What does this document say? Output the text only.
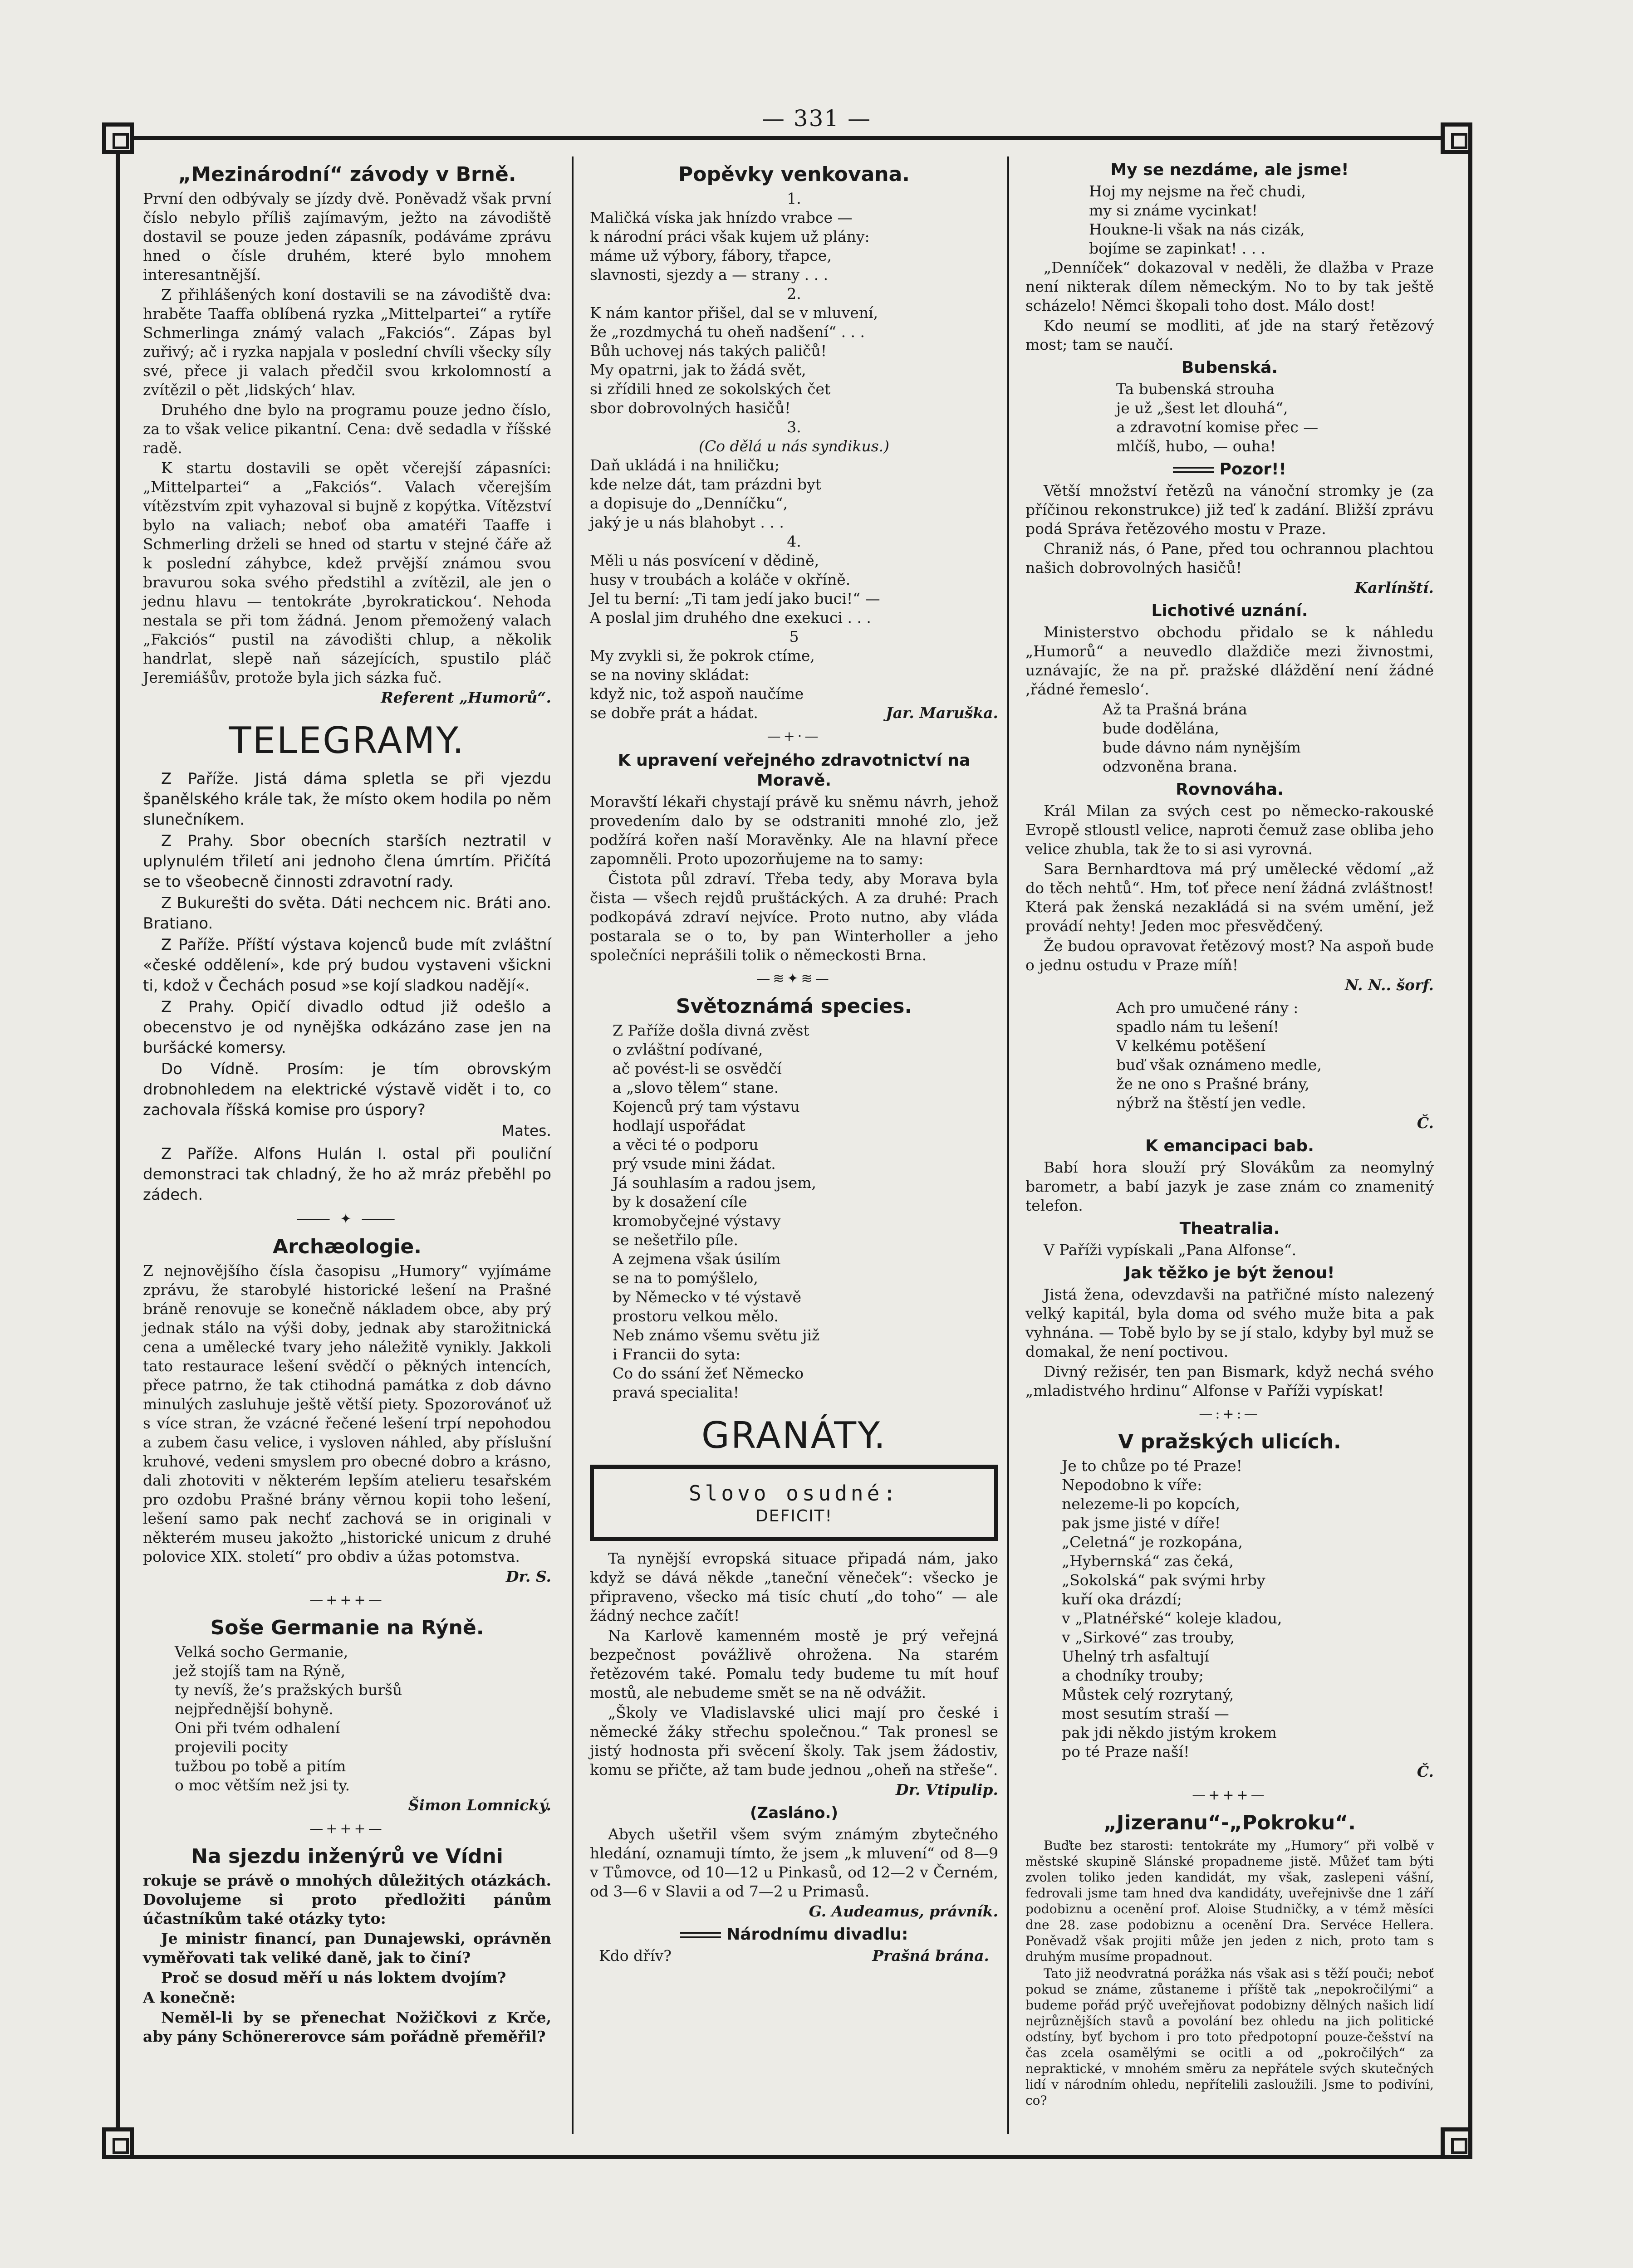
— 331 —
„Mezinárodní“ závody v Brně.

První den odbývaly se jízdy dvě. Poněvadž však první číslo nebylo příliš zajímavým, ježto na závodiště dostavil se pouze jeden zápasník, podáváme zprávu hned o čísle druhém, které bylo mnohem interesantnější.

Z přihlášených koní dostavili se na závodiště dva: hraběte Taaffa oblíbená ryzka „Mittelpartei“ a rytíře Schmerlinga známý valach „Fakciós“. Zápas byl zuřivý; ač i ryzka napjala v poslední chvíli všecky síly své, přece ji valach předčil svou krkolomností a zvítězil o pět ‚lidských‘ hlav.

Druhého dne bylo na programu pouze jedno číslo, za to však velice pikantní. Cena: dvě sedadla v říšské radě.

K startu dostavili se opět včerejší zápasníci: „Mittelpartei“ a „Fakciós“. Valach včerejším vítězstvím zpit vyhazoval si bujně z kopýtka. Vítězství bylo na valiach; neboť oba amatéři Taaffe i Schmerling drželi se hned od startu v stejné čáře až k poslední záhybce, kdež prvější známou svou bravurou soka svého předstihl a zvítězil, ale jen o jednu hlavu — tentokráte ‚byrokratickou‘. Nehoda nestala se při tom žádná. Jenom přemožený valach „Fakciós“ pustil na závodišti chlup, a několik handrlat, slepě naň sázejících, spustilo pláč Jeremiášův, protože byla jich sázka fuč.

Referent „Humorů“.
TELEGRAMY.

Z Paříže. Jistá dáma spletla se při vjezdu španělského krále tak, že místo okem hodila po něm slunečníkem.

Z Prahy. Sbor obecních starších neztratil v uplynulém třiletí ani jednoho člena úmrtím. Přičítá se to všeobecně činnosti zdravotní rady.

Z Bukurešti do světa. Dáti nechcem nic. Bráti ano. Bratiano.

Z Paříže. Příští výstava kojenců bude mít zvláštní «české oddělení», kde prý budou vystaveni všickni ti, kdož v Čechách posud »se kojí sladkou nadějí«.

Z Prahy. Opičí divadlo odtud již odešlo a obecenstvo je od nynějška odkázáno zase jen na buršácké komersy.

Do Vídně. Prosím: je tím obrovským drobnohledem na elektrické výstavě vidět i to, co zachovala říšská komise pro úspory?

Mates.

Z Paříže. Alfons Hulán I. ostal při pouliční demonstraci tak chladný, že ho až mráz přeběhl po zádech.

⸻ ✦ ⸻
Archæologie.

Z nejnovějšího čísla časopisu „Humory“ vyjímáme zprávu, že starobylé historické lešení na Prašné bráně renovuje se konečně nákladem obce, aby prý jednak stálo na výši doby, jednak aby starožitnická cena a umělecké tvary jeho náležitě vynikly. Jakkoli tato restaurace lešení svědčí o pěkných intencích, přece patrno, že tak ctihodná památka z dob dávno minulých zasluhuje ještě větší piety. Spozorovánoť už s více stran, že vzácné řečené lešení trpí nepohodou a zubem času velice, i vysloven náhled, aby příslušní kruhové, vedeni smyslem pro obecné dobro a krásno, dali zhotoviti v některém lepším atelieru tesařském pro ozdobu Prašné brány věrnou kopii toho lešení, lešení samo pak nechť zachová se in originali v některém museu jakožto „historické unicum z druhé polovice XIX. století“ pro obdiv a úžas potomstva.

Dr. S.
—+++—
Soše Germanie na Rýně.
Velká socho Germanie,
jež stojíš tam na Rýně,
ty nevíš, že’s pražských buršů
nejpřednější bohyně.
Oni při tvém odhalení
projevili pocity
tužbou po tobě a pitím
o moc větším než jsi ty.
Šimon Lomnický.
—+++—
Na sjezdu inženýrů ve Vídni

rokuje se právě o mnohých důležitých otázkách. Dovolujeme si proto předložiti pánům účastníkům také otázky tyto:

Je ministr financí, pan Dunajewski, oprávněn vyměřovati tak veliké daně, jak to činí?

Proč se dosud měří u nás loktem dvojím?

A konečně:

Neměl-li by se přenechat Nožičkovi z Krče, aby pány Schönererovce sám pořádně přeměřil?

Popěvky venkovana.
1.
Maličká víska jak hnízdo vrabce —
k národní práci však kujem už plány:
máme už výbory, fábory, třapce,
slavnosti, sjezdy a — strany . . .
2.
K nám kantor přišel, dal se v mluvení,
že „rozdmychá tu oheň nadšení“ . . .
Bůh uchovej nás takých paličů!
My opatrni, jak to žádá svět,
si zřídili hned ze sokolských čet
sbor dobrovolných hasičů!
3.
(Co dělá u nás syndikus.)
Daň ukládá i na hniličku;
kde nelze dát, tam prázdni byt
a dopisuje do „Denníčku“,
jaký je u nás blahobyt . . .
4.
Měli u nás posvícení v dědině,
husy v troubách a koláče v okříně.
Jel tu berní: „Ti tam jedí jako buci!“ —
A poslal jim druhého dne exekuci . . .
5
My zvykli si, že pokrok ctíme,
se na noviny skládat:
když nic, tož aspoň naučíme
se dobře prát a hádat.	Jar. Maruška.
—+·—
K upravení veřejného zdravotnictví na Moravě.

Moravští lékaři chystají právě ku sněmu návrh, jehož provedením dalo by se odstraniti mnohé zlo, jež podžírá kořen naší Moravěnky. Ale na hlavní přece zapomněli. Proto upozorňujeme na to samy:

Čistota půl zdraví. Třeba tedy, aby Morava byla čista — všech rejdů pruštáckých. A za druhé: Prach podkopává zdraví nejvíce. Proto nutno, aby vláda postarala se o to, by pan Winterholler a jeho společníci neprášili tolik o německosti Brna.

—≋✦≋—
Světoznámá species.
Z Paříže došla divná zvěst
o zvláštní podívané,
ač povést-li se osvědčí
a „slovo tělem“ stane.
Kojenců prý tam výstavu
hodlají uspořádat
a věci té o podporu
prý vsude mini žádat.
Já souhlasím a radou jsem,
by k dosažení cíle
kromobyčejné výstavy
se nešetřilo píle.
A zejmena však úsilím
se na to pomýšlelo,
by Německo v té výstavě
prostoru velkou mělo.
Neb známo všemu světu již
i Francii do syta:
Co do ssání žeť Německo
pravá specialita!
GRANÁTY.
Slovo osudné:
DEFICIT!

Ta nynější evropská situace připadá nám, jako když se dává někde „taneční věneček“: všecko je připraveno, všecko má tisíc chutí „do toho“ — ale žádný nechce začít!

Na Karlově kamenném mostě je prý veřejná bezpečnost povážlivě ohrožena. Na starém řetězovém také. Pomalu tedy budeme tu mít houf mostů, ale nebudeme smět se na ně odvážit.

„Školy ve Vladislavské ulici mají pro české i německé žáky střechu společnou.“ Tak pronesl se jistý hodnosta při svěcení školy. Tak jsem žádostiv, komu se přičte, až tam bude jednou „oheň na střeše“.

Dr. Vtipulip.
(Zasláno.)

Abych ušetřil všem svým známým zbytečného hledání, oznamuji tímto, že jsem „k mluvení“ od 8—9 v Tůmovce, od 10—12 u Pinkasů, od 12—2 v Černém, od 3—6 v Slavii a od 7—2 u Primasů.

G. Audeamus, právník.
Národnímu divadlu:
Kdo dřív?	Prašná brána.
My se nezdáme, ale jsme!
Hoj my nejsme na řeč chudi,
my si známe vycinkat!
Houkne-li však na nás cizák,
bojíme se zapinkat! . . .

„Denníček“ dokazoval v neděli, že dlažba v Praze není nikterak dílem německým. No to by tak ještě scházelo! Němci škopali toho dost. Málo dost!

Kdo neumí se modliti, ať jde na starý řetězový most; tam se naučí.

Bubenská.
Ta bubenská strouha
je už „šest let dlouhá“,
a zdravotní komise přec —
mlčíš, hubo, — ouha!
Pozor!!

Větší množství řetězů na vánoční stromky je (za příčinou rekonstrukce) již teď k zadání. Bližší zprávu podá Správa řetězového mostu v Praze.

Chraniž nás, ó Pane, před tou ochrannou plachtou našich dobrovolných hasičů!

Karlínští.
Lichotivé uznání.

Ministerstvo obchodu přidalo se k náhledu „Humorů“ a neuvedlo dlaždiče mezi živnostmi, uznávajíc, že na př. pražské dláždění není žádné ‚řádné řemeslo‘.

Až ta Prašná brána
bude dodělána,
bude dávno nám nynějším
odzvoněna brana.
Rovnováha.

Král Milan za svých cest po německo-rakouské Evropě stloustl velice, naproti čemuž zase obliba jeho velice zhubla, tak že to si asi vyrovná.

Sara Bernhardtova má prý umělecké vědomí „až do těch nehtů“. Hm, toť přece není žádná zvláštnost! Která pak ženská nezakládá si na svém umění, jež provádí nehty! Jeden moc přesvědčený.

Že budou opravovat řetězový most? Na aspoň bude o jednu ostudu v Praze míň!

N. N.. šorf.
Ach pro umučené rány :
spadlo nám tu lešení!
V kelkému potěšení
buď však oznámeno medle,
že ne ono s Prašné brány,
nýbrž na štěstí jen vedle.
Č.
K emancipaci bab.

Babí hora slouží prý Slovákům za neomylný barometr, a babí jazyk je zase znám co znamenitý telefon.

Theatralia.

V Paříži vypískali „Pana Alfonse“.

Jak těžko je být ženou!

Jistá žena, odevzdavši na patřičné místo nalezený velký kapitál, byla doma od svého muže bita a pak vyhnána. — Tobě bylo by se jí stalo, kdyby byl muž se domakal, že není poctivou.

Divný režisér, ten pan Bismark, když nechá svého „mladistvého hrdinu“ Alfonse v Paříži vypískat!

—:+:—
V pražských ulicích.
Je to chůze po té Praze!
Nepodobno k víře:
nelezeme-li po kopcích,
pak jsme jisté v díře!
„Celetná“ je rozkopána,
„Hybernská“ zas čeká,
„Sokolská“ pak svými hrby
kuří oka drázdí;
v „Platnéřské“ koleje kladou,
v „Sirkové“ zas trouby,
Uhelný trh asfaltují
a chodníky trouby;
Můstek celý rozrytaný,
most sesutím straší —
pak jdi někdo jistým krokem
po té Praze naší!
Č.
—+++—
„Jizeranu“-„Pokroku“.

Buďte bez starosti: tentokráte my „Humory“ při volbě v městské skupině Slánské propadneme jistě. Můžeť tam býti zvolen toliko jeden kandidát, my však, zaslepeni vášní, fedrovali jsme tam hned dva kandidáty, uveřejnivše dne 1 září podobiznu a ocenění prof. Aloise Studničky, a v témž měsíci dne 28. zase podobiznu a ocenění Dra. Servéce Hellera. Poněvadž však projiti může jen jeden z nich, proto tam s druhým musíme propadnout.

Tato již neodvratná porážka nás však asi s těží pouči; neboť pokud se známe, zůstaneme i příště tak „nepokročilými“ a budeme pořád prýč uveřejňovat podobizny dělných našich lidí nejrůznějších stavů a povolání bez ohledu na jich politické odstíny, byť bychom i pro toto předpotopní pouze-češství na čas zcela osamělými se ocitli a od „pokročilých“ za nepraktické, v mnohém směru za nepřátele svých skutečných lidí v národním ohledu, nepřítelili zasloužili. Jsme to podivíni, co?
